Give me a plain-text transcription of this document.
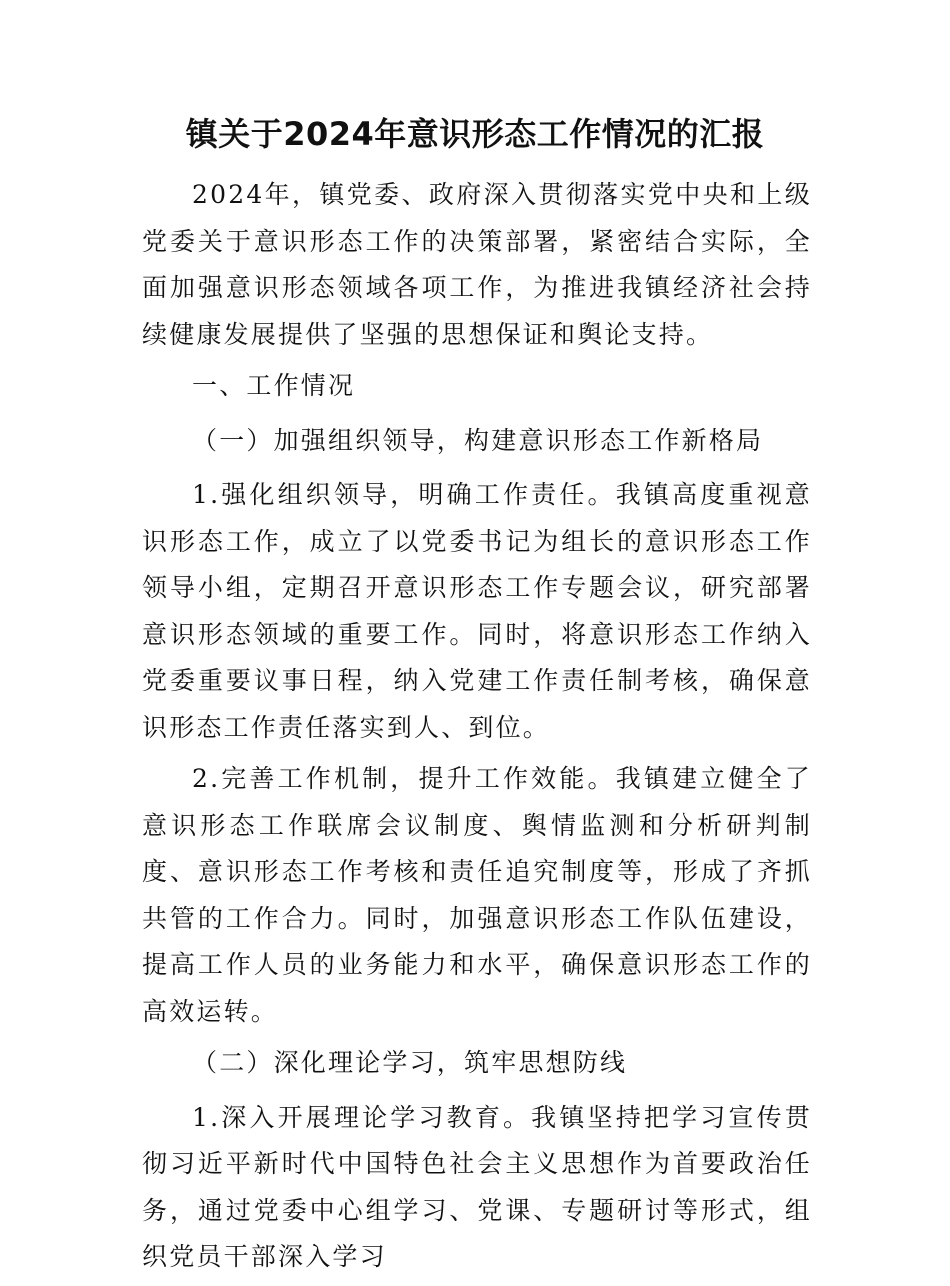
镇关于2024年意识形态工作情况的汇报

2024年，镇党委、政府深入贯彻落实党中央和上级党委关于意识形态工作的决策部署，紧密结合实际，全面加强意识形态领域各项工作，为推进我镇经济社会持续健康发展提供了坚强的思想保证和舆论支持。

一、工作情况

（一）加强组织领导，构建意识形态工作新格局

1.强化组织领导，明确工作责任。我镇高度重视意识形态工作，成立了以党委书记为组长的意识形态工作领导小组，定期召开意识形态工作专题会议，研究部署意识形态领域的重要工作。同时，将意识形态工作纳入党委重要议事日程，纳入党建工作责任制考核，确保意识形态工作责任落实到人、到位。

2.完善工作机制，提升工作效能。我镇建立健全了意识形态工作联席会议制度、舆情监测和分析研判制度、意识形态工作考核和责任追究制度等，形成了齐抓共管的工作合力。同时，加强意识形态工作队伍建设，提高工作人员的业务能力和水平，确保意识形态工作的高效运转。

（二）深化理论学习，筑牢思想防线

1.深入开展理论学习教育。我镇坚持把学习宣传贯彻习近平新时代中国特色社会主义思想作为首要政治任务，通过党委中心组学习、党课、专题研讨等形式，组织党员干部深入学习
